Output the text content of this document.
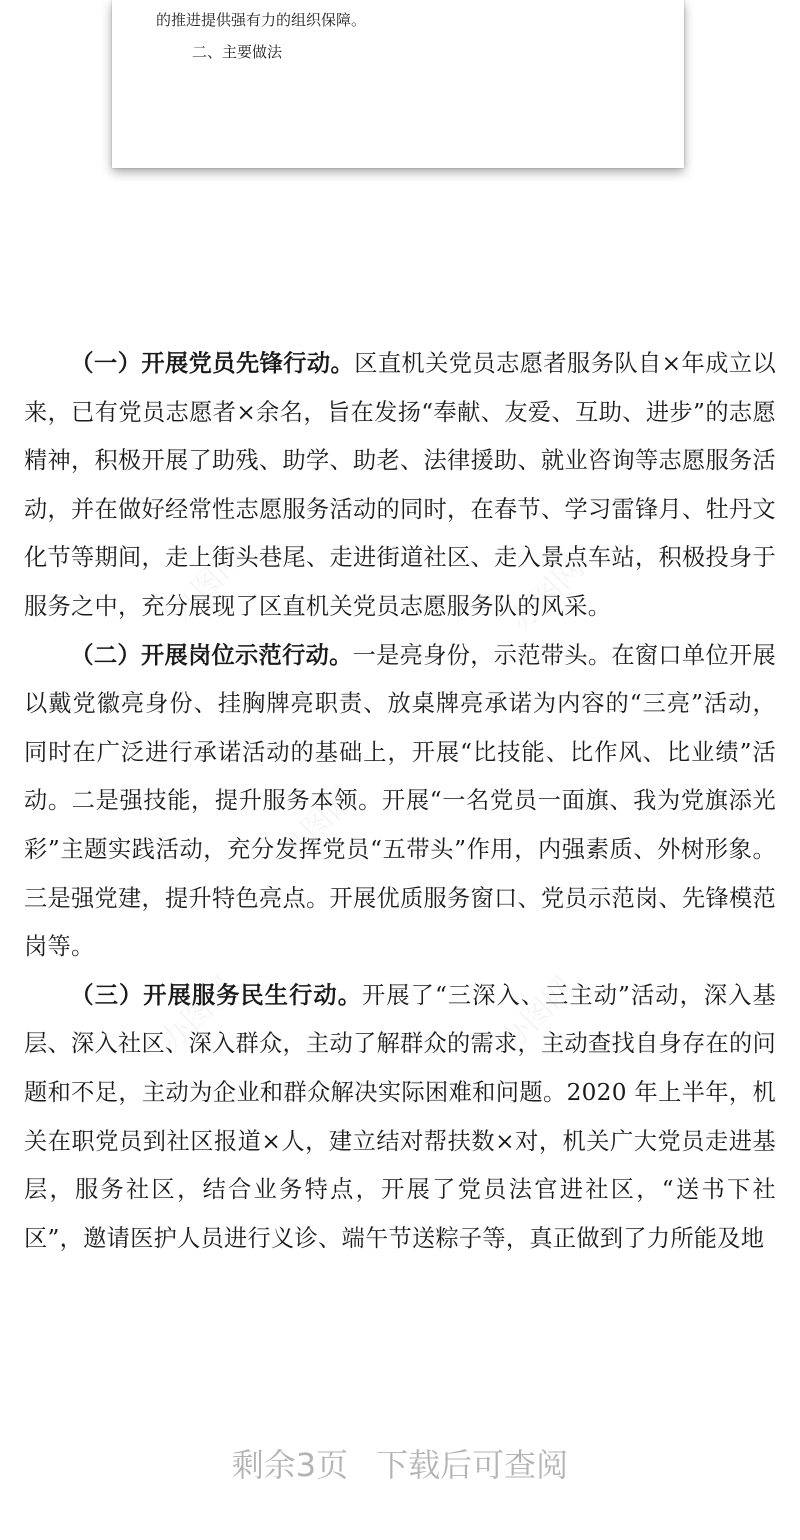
的推进提供强有力的组织保障。
二、主要做法

（一）开展党员先锋行动。区直机关党员志愿者服务队自×年成立以来，已有党员志愿者×余名，旨在发扬“奉献、友爱、互助、进步”的志愿精神，积极开展了助残、助学、助老、法律援助、就业咨询等志愿服务活动，并在做好经常性志愿服务活动的同时，在春节、学习雷锋月、牡丹文化节等期间，走上街头巷尾、走进街道社区、走入景点车站，积极投身于服务之中，充分展现了区直机关党员志愿服务队的风采。

（二）开展岗位示范行动。一是亮身份，示范带头。在窗口单位开展以戴党徽亮身份、挂胸牌亮职责、放桌牌亮承诺为内容的“三亮”活动，同时在广泛进行承诺活动的基础上，开展“比技能、比作风、比业绩”活动。二是强技能，提升服务本领。开展“一名党员一面旗、我为党旗添光彩”主题实践活动，充分发挥党员“五带头”作用，内强素质、外树形象。三是强党建，提升特色亮点。开展优质服务窗口、党员示范岗、先锋模范岗等。

（三）开展服务民生行动。开展了“三深入、三主动”活动，深入基层、深入社区、深入群众，主动了解群众的需求，主动查找自身存在的问题和不足，主动为企业和群众解决实际困难和问题。2020 年上半年，机关在职党员到社区报道×人，建立结对帮扶数×对，机关广大党员走进基层，服务社区，结合业务特点，开展了党员法官进社区，“送书下社区”，邀请医护人员进行义诊、端午节送粽子等，真正做到了力所能及地

剩余3页 下载后可查阅
